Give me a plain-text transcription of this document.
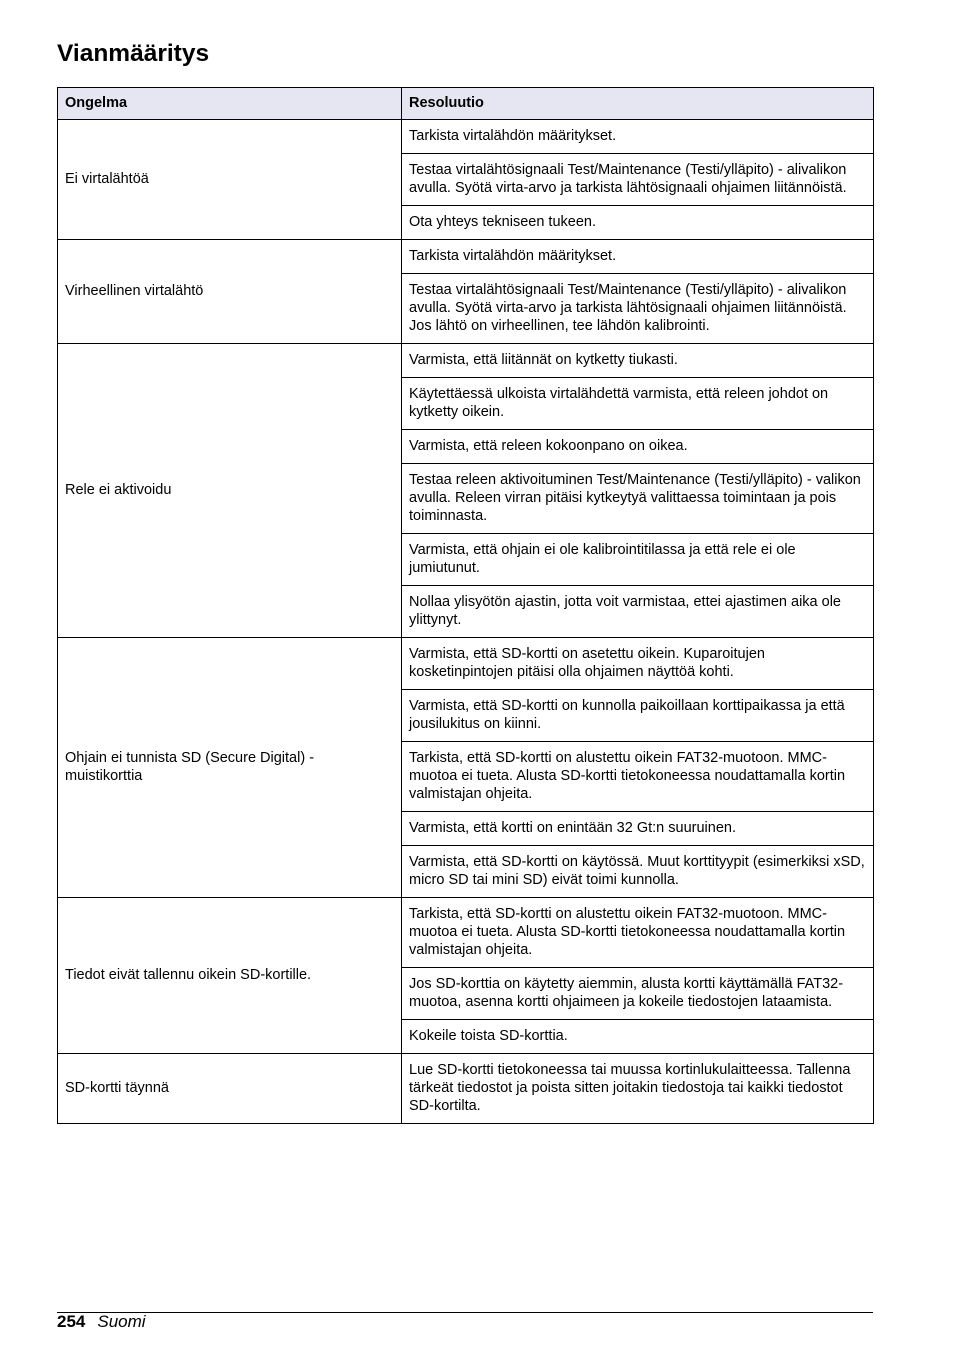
Vianmääritys
Ongelma	Resoluutio
Ei virtalähtöä	Tarkista virtalähdön määritykset.
	Testaa virtalähtösignaali Test/Maintenance (Testi/ylläpito) - alivalikon avulla. Syötä virta-arvo ja tarkista lähtösignaali ohjaimen liitännöistä.
	Ota yhteys tekniseen tukeen.
Virheellinen virtalähtö	Tarkista virtalähdön määritykset.
	Testaa virtalähtösignaali Test/Maintenance (Testi/ylläpito) - alivalikon avulla. Syötä virta-arvo ja tarkista lähtösignaali ohjaimen liitännöistä. Jos lähtö on virheellinen, tee lähdön kalibrointi.
Rele ei aktivoidu	Varmista, että liitännät on kytketty tiukasti.
	Käytettäessä ulkoista virtalähdettä varmista, että releen johdot on kytketty oikein.
	Varmista, että releen kokoonpano on oikea.
	Testaa releen aktivoituminen Test/Maintenance (Testi/ylläpito) - valikon avulla. Releen virran pitäisi kytkeytyä valittaessa toimintaan ja pois toiminnasta.
	Varmista, että ohjain ei ole kalibrointitilassa ja että rele ei ole jumiutunut.
	Nollaa ylisyötön ajastin, jotta voit varmistaa, ettei ajastimen aika ole ylittynyt.
Ohjain ei tunnista SD (Secure Digital) - muistikorttia	Varmista, että SD-kortti on asetettu oikein. Kuparoitujen kosketinpintojen pitäisi olla ohjaimen näyttöä kohti.
	Varmista, että SD-kortti on kunnolla paikoillaan korttipaikassa ja että jousilukitus on kiinni.
	Tarkista, että SD-kortti on alustettu oikein FAT32-muotoon. MMC-muotoa ei tueta. Alusta SD-kortti tietokoneessa noudattamalla kortin valmistajan ohjeita.
	Varmista, että kortti on enintään 32 Gt:n suuruinen.
	Varmista, että SD-kortti on käytössä. Muut korttityypit (esimerkiksi xSD, micro SD tai mini SD) eivät toimi kunnolla.
Tiedot eivät tallennu oikein SD-kortille.	Tarkista, että SD-kortti on alustettu oikein FAT32-muotoon. MMC-muotoa ei tueta. Alusta SD-kortti tietokoneessa noudattamalla kortin valmistajan ohjeita.
	Jos SD-korttia on käytetty aiemmin, alusta kortti käyttämällä FAT32-muotoa, asenna kortti ohjaimeen ja kokeile tiedostojen lataamista.
	Kokeile toista SD-korttia.
SD-kortti täynnä	Lue SD-kortti tietokoneessa tai muussa kortinlukulaitteessa. Tallenna tärkeät tiedostot ja poista sitten joitakin tiedostoja tai kaikki tiedostot SD-kortilta.
254 Suomi
